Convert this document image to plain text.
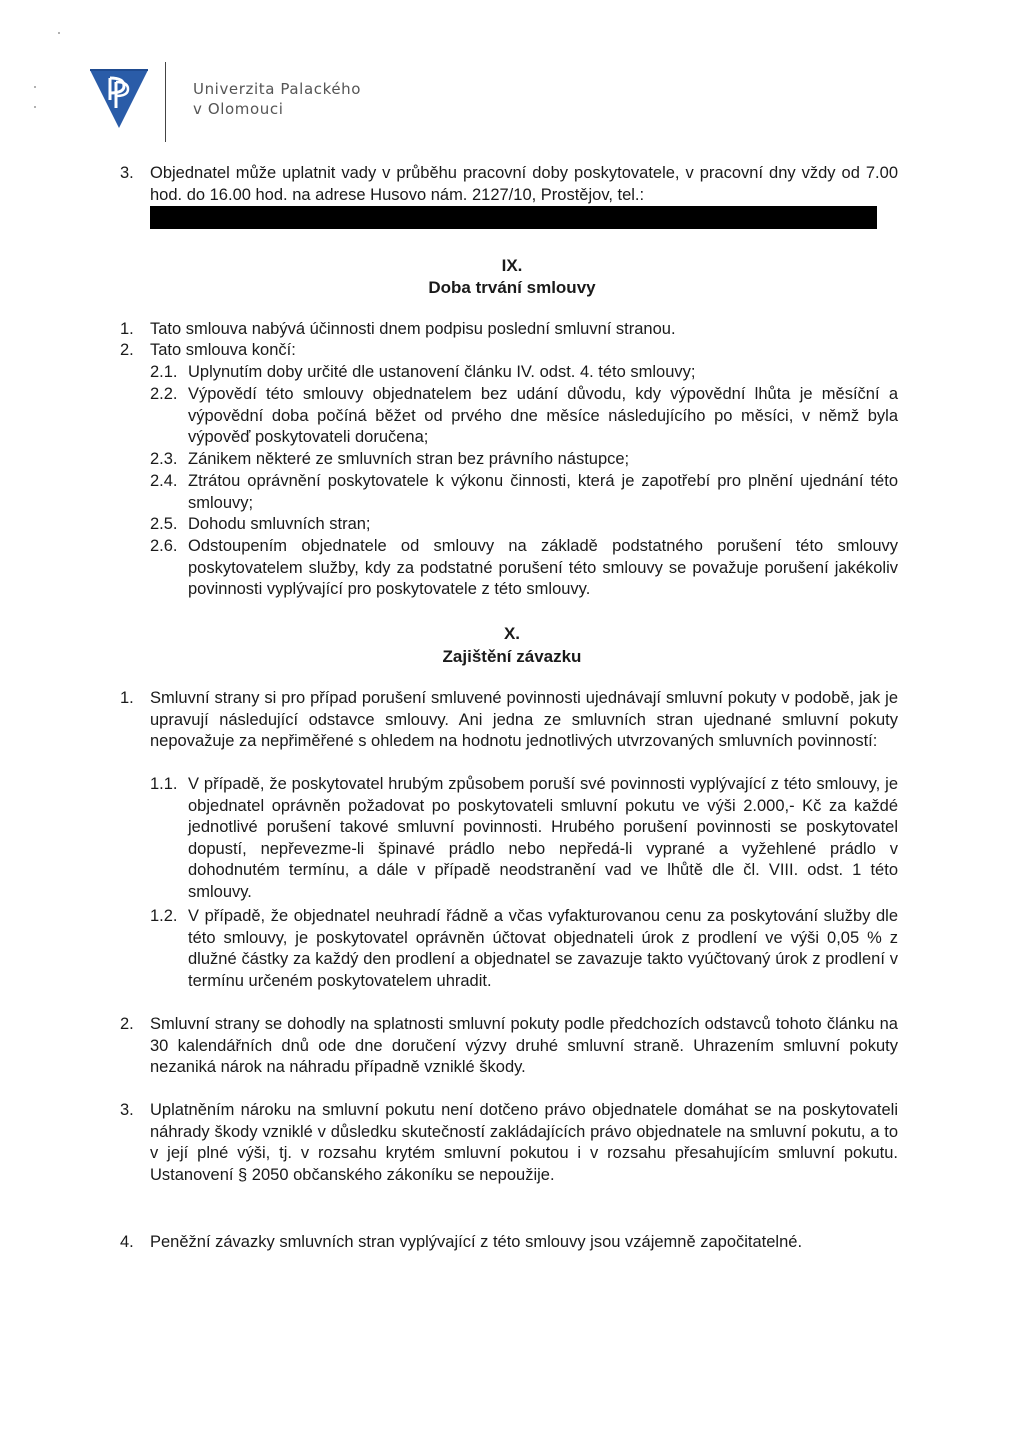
Univerzita Palackého
v Olomouci
3. Objednatel může uplatnit vady v průběhu pracovní doby poskytovatele, v pracovní dny vždy od 7.00 hod. do 16.00 hod. na adrese Husovo nám. 2127/10, Prostějov, tel.:
IX.
Doba trvání smlouvy
1. Tato smlouva nabývá účinnosti dnem podpisu poslední smluvní stranou.
2. Tato smlouva končí:
2.1. Uplynutím doby určité dle ustanovení článku IV. odst. 4. této smlouvy;
2.2. Výpovědí této smlouvy objednatelem bez udání důvodu, kdy výpovědní lhůta je měsíční a výpovědní doba počíná běžet od prvého dne měsíce následujícího po měsíci, v němž byla výpověď poskytovateli doručena;
2.3. Zánikem některé ze smluvních stran bez právního nástupce;
2.4. Ztrátou oprávnění poskytovatele k výkonu činnosti, která je zapotřebí pro plnění ujednání této smlouvy;
2.5. Dohodu smluvních stran;
2.6. Odstoupením objednatele od smlouvy na základě podstatného porušení této smlouvy poskytovatelem služby, kdy za podstatné porušení této smlouvy se považuje porušení jakékoliv povinnosti vyplývající pro poskytovatele z této smlouvy.
X.
Zajištění závazku
1. Smluvní strany si pro případ porušení smluvené povinnosti ujednávají smluvní pokuty v podobě, jak je upravují následující odstavce smlouvy. Ani jedna ze smluvních stran ujednané smluvní pokuty nepovažuje za nepřiměřené s ohledem na hodnotu jednotlivých utvrzovaných smluvních povinností:
1.1. V případě, že poskytovatel hrubým způsobem poruší své povinnosti vyplývající z této smlouvy, je objednatel oprávněn požadovat po poskytovateli smluvní pokutu ve výši 2.000,- Kč za každé jednotlivé porušení takové smluvní povinnosti. Hrubého porušení povinnosti se poskytovatel dopustí, nepřevezme-li špinavé prádlo nebo nepředá-li vyprané a vyžehlené prádlo v dohodnutém termínu, a dále v případě neodstranění vad ve lhůtě dle čl. VIII. odst. 1 této smlouvy.
1.2. V případě, že objednatel neuhradí řádně a včas vyfakturovanou cenu za poskytování služby dle této smlouvy, je poskytovatel oprávněn účtovat objednateli úrok z prodlení ve výši 0,05 % z dlužné částky za každý den prodlení a objednatel se zavazuje takto vyúčtovaný úrok z prodlení v termínu určeném poskytovatelem uhradit.
2. Smluvní strany se dohodly na splatnosti smluvní pokuty podle předchozích odstavců tohoto článku na 30 kalendářních dnů ode dne doručení výzvy druhé smluvní straně. Uhrazením smluvní pokuty nezaniká nárok na náhradu případně vzniklé škody.
3. Uplatněním nároku na smluvní pokutu není dotčeno právo objednatele domáhat se na poskytovateli náhrady škody vzniklé v důsledku skutečností zakládajících právo objednatele na smluvní pokutu, a to v její plné výši, tj. v rozsahu krytém smluvní pokutou i v rozsahu přesahujícím smluvní pokutu. Ustanovení § 2050 občanského zákoníku se nepoužije.
4. Peněžní závazky smluvních stran vyplývající z této smlouvy jsou vzájemně započitatelné.
